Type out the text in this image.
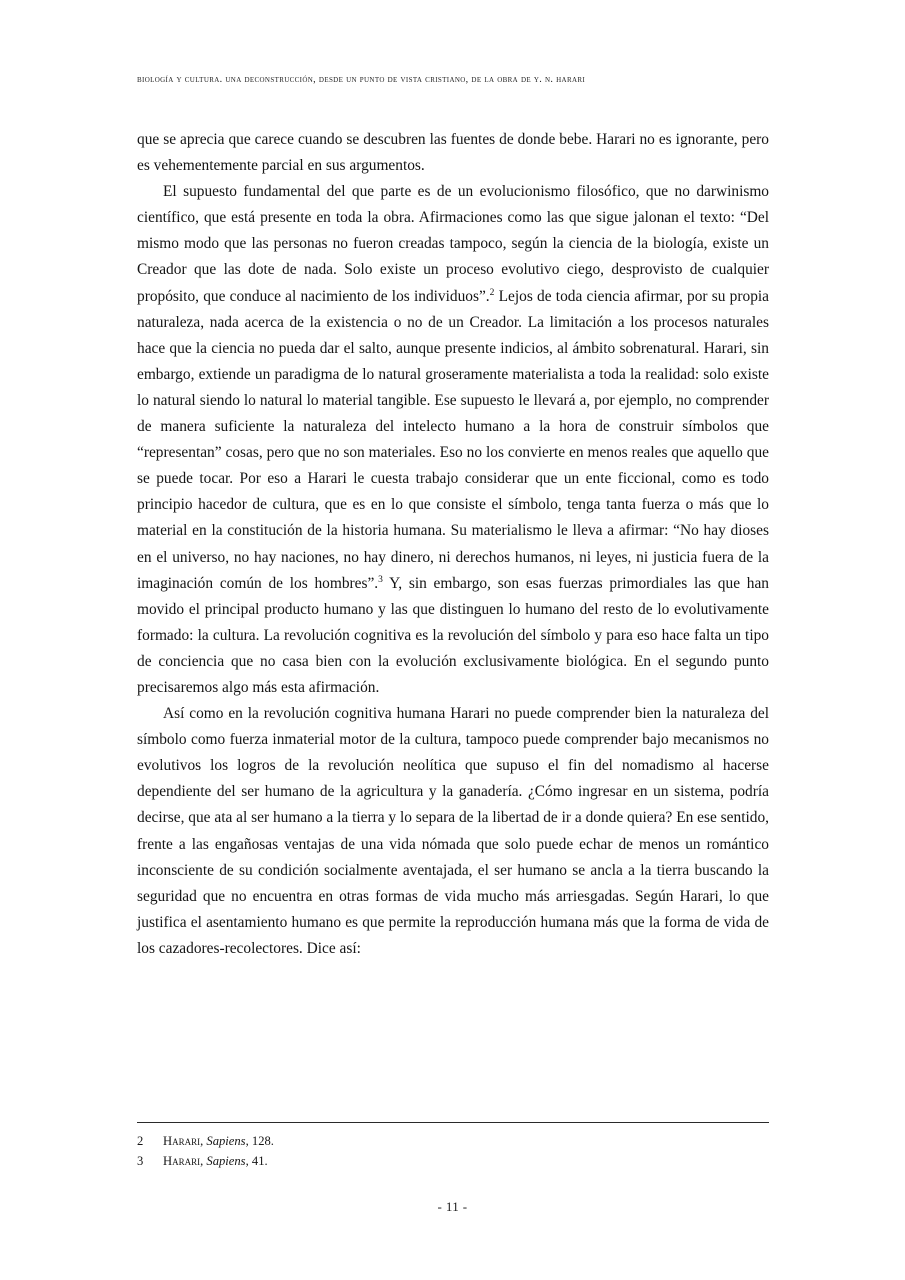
biología y cultura. una deconstrucción, desde un punto de vista cristiano, de la obra de y. n. harari

que se aprecia que carece cuando se descubren las fuentes de donde bebe. Harari no es ignorante, pero es vehementemente parcial en sus argumentos.

El supuesto fundamental del que parte es de un evolucionismo filosófico, que no darwinismo científico, que está presente en toda la obra. Afirmaciones como las que sigue jalonan el texto: “Del mismo modo que las personas no fueron creadas tampoco, según la ciencia de la biología, existe un Creador que las dote de nada. Solo existe un proceso evolutivo ciego, desprovisto de cualquier propósito, que conduce al nacimiento de los individuos”.$^2$ Lejos de toda ciencia afirmar, por su propia naturaleza, nada acerca de la existencia o no de un Creador. La limitación a los procesos naturales hace que la ciencia no pueda dar el salto, aunque presente indicios, al ámbito sobrenatural. Harari, sin embargo, extiende un paradigma de lo natural groseramente materialista a toda la realidad: solo existe lo natural siendo lo natural lo material tangible. Ese supuesto le llevará a, por ejemplo, no comprender de manera suficiente la naturaleza del intelecto humano a la hora de construir símbolos que “representan” cosas, pero que no son materiales. Eso no los convierte en menos reales que aquello que se puede tocar. Por eso a Harari le cuesta trabajo considerar que un ente ficcional, como es todo principio hacedor de cultura, que es en lo que consiste el símbolo, tenga tanta fuerza o más que lo material en la constitución de la historia humana. Su materialismo le lleva a afirmar: “No hay dioses en el universo, no hay naciones, no hay dinero, ni derechos humanos, ni leyes, ni justicia fuera de la imaginación común de los hombres”.$^3$ Y, sin embargo, son esas fuerzas primordiales las que han movido el principal producto humano y las que distinguen lo humano del resto de lo evolutivamente formado: la cultura. La revolución cognitiva es la revolución del símbolo y para eso hace falta un tipo de conciencia que no casa bien con la evolución exclusivamente biológica. En el segundo punto precisaremos algo más esta afirmación.

Así como en la revolución cognitiva humana Harari no puede comprender bien la naturaleza del símbolo como fuerza inmaterial motor de la cultura, tampoco puede comprender bajo mecanismos no evolutivos los logros de la revolución neolítica que supuso el fin del nomadismo al hacerse dependiente del ser humano de la agricultura y la ganadería. ¿Cómo ingresar en un sistema, podría decirse, que ata al ser humano a la tierra y lo separa de la libertad de ir a donde quiera? En ese sentido, frente a las engañosas ventajas de una vida nómada que solo puede echar de menos un romántico inconsciente de su condición socialmente aventajada, el ser humano se ancla a la tierra buscando la seguridad que no encuentra en otras formas de vida mucho más arriesgadas. Según Harari, lo que justifica el asentamiento humano es que permite la reproducción humana más que la forma de vida de los cazadores-recolectores. Dice así:

2 Harari, Sapiens, 128.
3 Harari, Sapiens, 41.
- 11 -
